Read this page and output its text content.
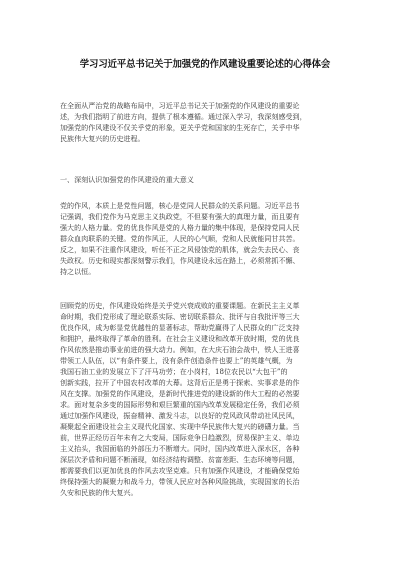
学习习近平总书记关于加强党的作风建设重要论述的心得体会

在全面从严治党的战略布局中，习近平总书记关于加强党的作风建设的重要论
述，为我们指明了前进方向，提供了根本遵循。通过深入学习，我深刻感受到，
加强党的作风建设不仅关乎党的形象，更关乎党和国家的生死存亡，关乎中华
民族伟大复兴的历史进程。

一、深刻认识加强党的作风建设的重大意义

党的作风，本质上是党性问题，核心是党同人民群众的关系问题。习近平总书
记强调，我们党作为马克思主义执政党，不但要有强大的真理力量，而且要有
强大的人格力量。党的优良作风是党的人格力量的集中体现，是保持党同人民
群众血肉联系的关键。党的作风正，人民的心气顺，党和人民就能同甘共苦。
反之，如果不注重作风建设，听任不正之风侵蚀党的肌体，就会失去民心、丧
失政权。历史和现实都深刻警示我们，作风建设永远在路上，必须常抓不懈、
持之以恒。

回顾党的历史，作风建设始终是关乎党兴衰成败的重要课题。在新民主主义革
命时期，我们党形成了理论联系实际、密切联系群众、批评与自我批评等三大
优良作风，成为彰显党优越性的显著标志，帮助党赢得了人民群众的广泛支持
和拥护，最终取得了革命的胜利。在社会主义建设和改革开放时期，党的优良
作风依然是推动事业前进的强大动力。例如，在大庆石油会战中，铁人王进喜
带领工人队伍，以“有条件要上，没有条件创造条件也要上”的英雄气概，为
我国石油工业的发展立下了汗马功劳；在小岗村，18位农民以“大包干”的
创新实践，拉开了中国农村改革的大幕。这背后正是勇于探索、实事求是的作
风在支撑。加强党的作风建设，是新时代推进党的建设新的伟大工程的必然要
求。面对复杂多变的国际形势和艰巨繁重的国内改革发展稳定任务，我们必须
通过加强作风建设，振奋精神、激发斗志，以良好的党风政风带动社风民风，
凝聚起全面建设社会主义现代化国家、实现中华民族伟大复兴的磅礴力量。当
前，世界正经历百年未有之大变局，国际竞争日趋激烈，贸易保护主义、单边
主义抬头，我国面临的外部压力不断增大。同时，国内改革进入深水区，各种
深层次矛盾和问题不断涌现，如经济结构调整、贫富差距、生态环境等问题，
都需要我们以更加优良的作风去攻坚克难。只有加强作风建设，才能确保党始
终保持强大的凝聚力和战斗力，带领人民应对各种风险挑战，实现国家的长治
久安和民族的伟大复兴。
